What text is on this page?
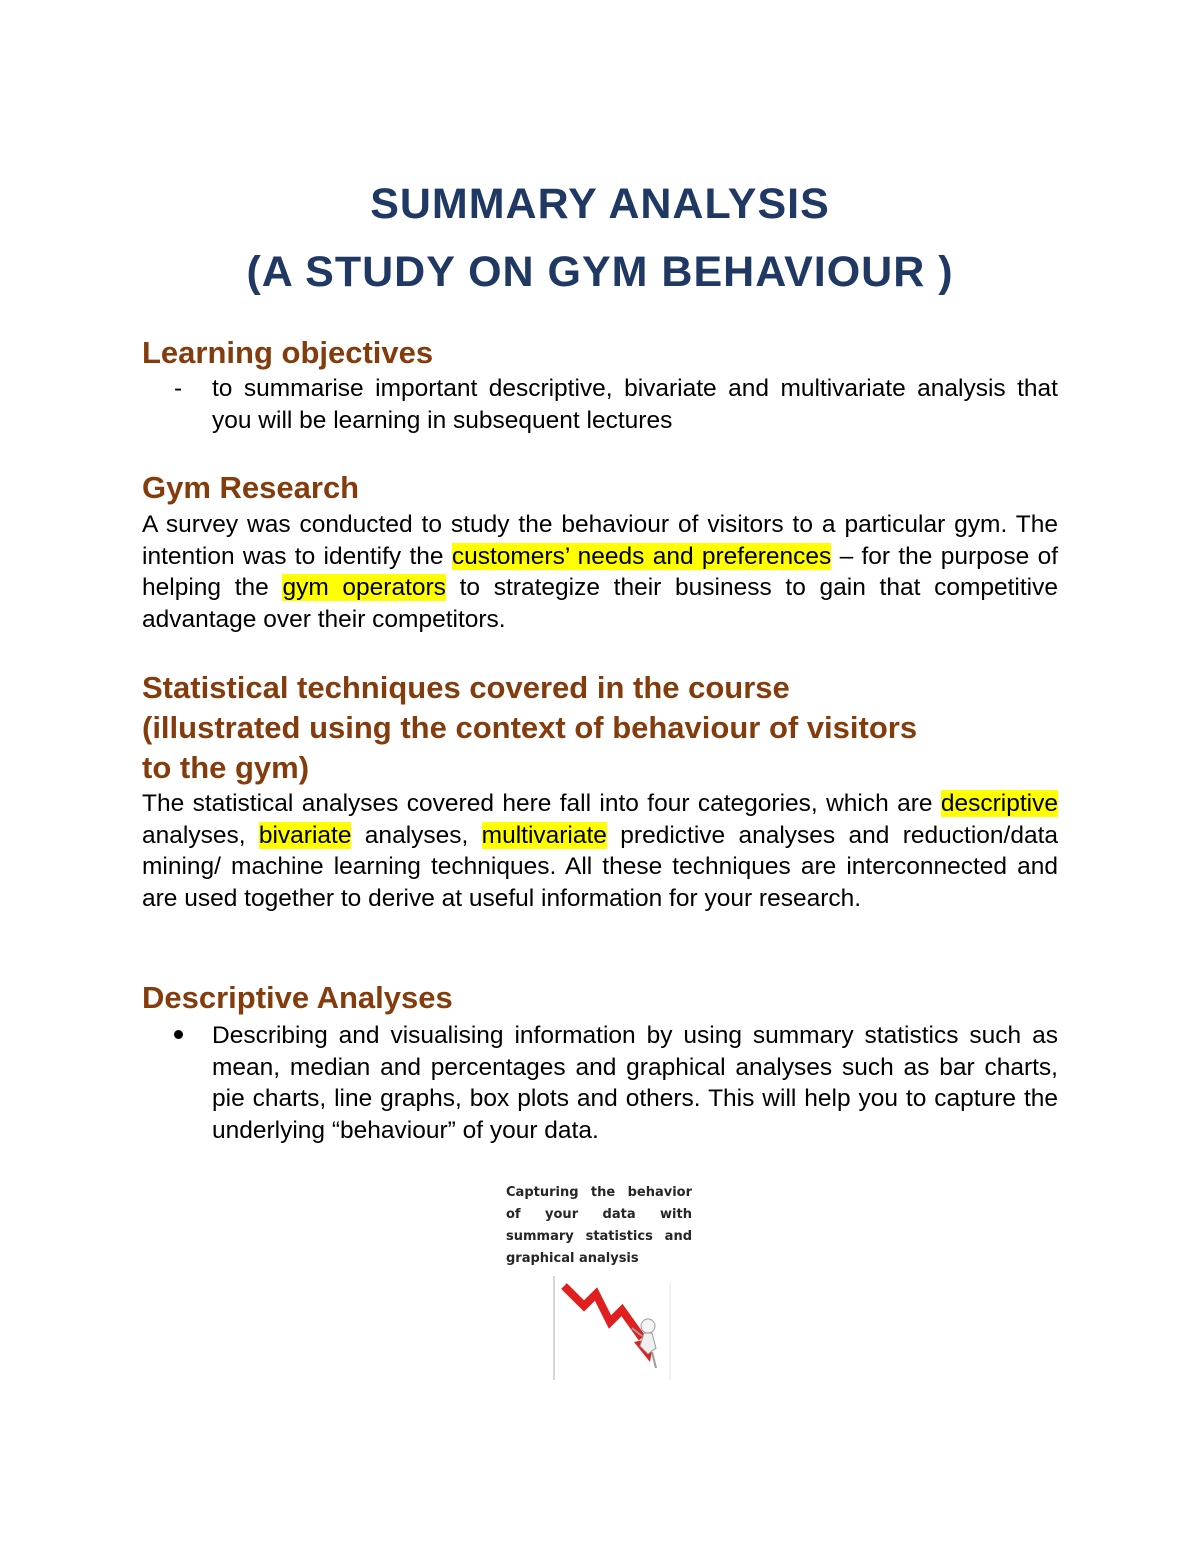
SUMMARY ANALYSIS
(A STUDY ON GYM BEHAVIOUR )
Learning objectives
- to summarise important descriptive, bivariate and multivariate analysis that you will be learning in subsequent lectures

Gym Research

A survey was conducted to study the behaviour of visitors to a particular gym. The intention was to identify the customers’ needs and preferences – for the purpose of helping the gym operators to strategize their business to gain that competitive advantage over their competitors.

Statistical techniques covered in the course
(illustrated using the context of behaviour of visitors
to the gym)

The statistical analyses covered here fall into four categories, which are descriptive analyses, bivariate analyses, multivariate predictive analyses and reduction/data mining/ machine learning techniques. All these techniques are interconnected and are used together to derive at useful information for your research.

Descriptive Analyses

Describing and visualising information by using summary statistics such as mean, median and percentages and graphical analyses such as bar charts, pie charts, line graphs, box plots and others. This will help you to capture the underlying “behaviour” of your data.

Capturing the behavior of your data with summary statistics and graphical analysis
